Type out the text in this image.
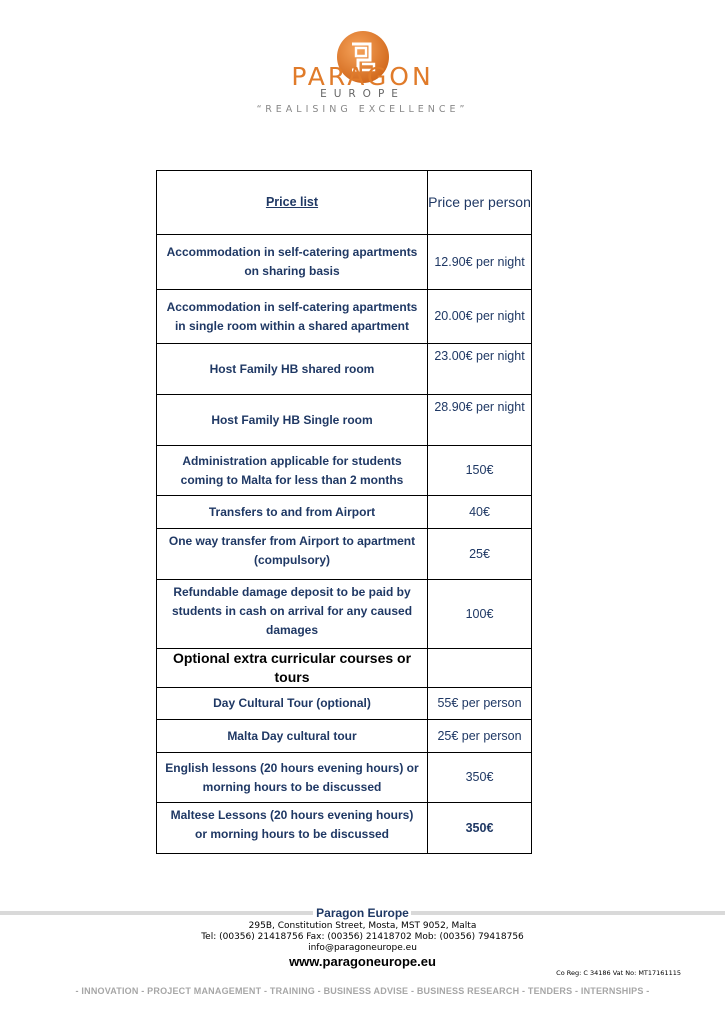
PARAGON
EUROPE
“REALISING EXCELLENCE”
Price list	Price per person
Accommodation in self-catering apartments on sharing basis	12.90€ per night
Accommodation in self-catering apartments in single room within a shared apartment	20.00€ per night
Host Family HB shared room	23.00€ per night
Host Family HB Single room	28.90€ per night
Administration applicable for students coming to Malta for less than 2 months	150€
Transfers to and from Airport	40€
One way transfer from Airport to apartment (compulsory)	25€
Refundable damage deposit to be paid by students in cash on arrival for any caused damages	100€
Optional extra curricular courses or tours	
Day Cultural Tour (optional)	55€ per person
Malta Day cultural tour	25€ per person
English lessons (20 hours evening hours) or morning hours to be discussed	350€
Maltese Lessons (20 hours evening hours) or morning hours to be discussed	350€
Paragon Europe
295B, Constitution Street, Mosta, MST 9052, Malta
Tel: (00356) 21418756 Fax: (00356) 21418702 Mob: (00356) 79418756
info@paragoneurope.eu
www.paragoneurope.eu
Co Reg: C 34186 Vat No: MT17161115
- INNOVATION - PROJECT MANAGEMENT - TRAINING - BUSINESS ADVISE - BUSINESS RESEARCH - TENDERS - INTERNSHIPS -
